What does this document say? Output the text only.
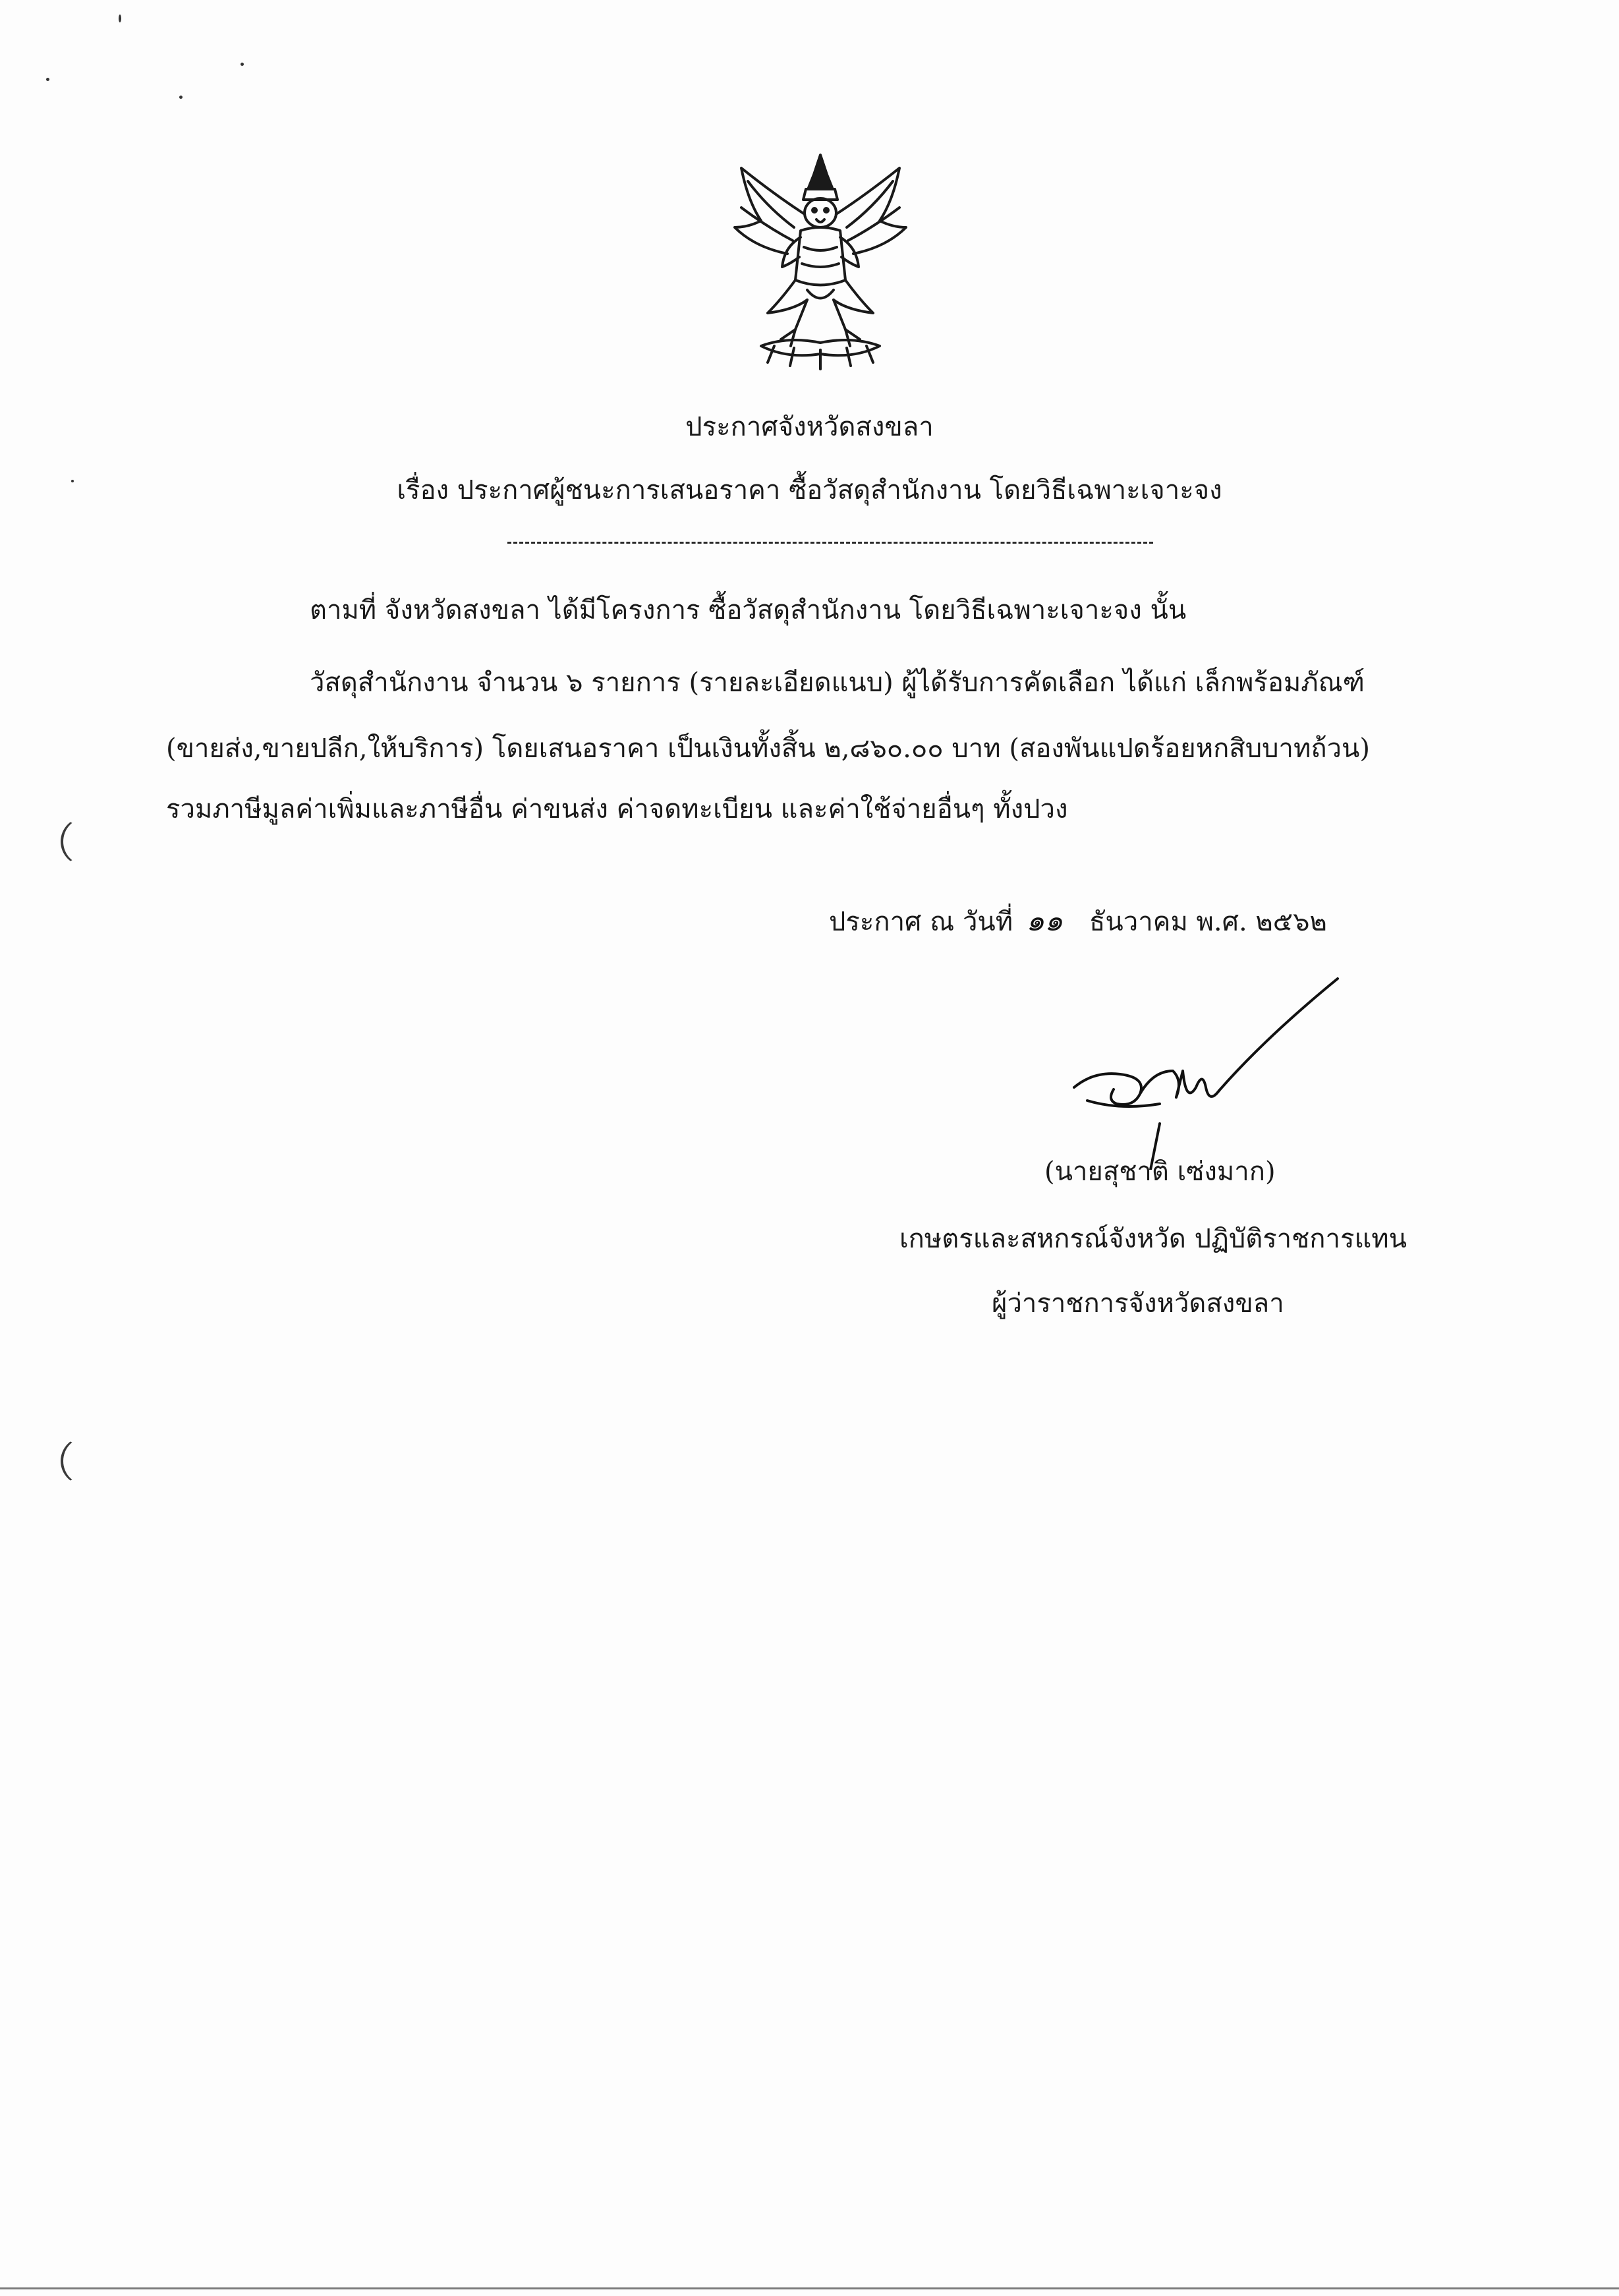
ประกาศจังหวัดสงขลา
เรื่อง ประกาศผู้ชนะการเสนอราคา ซื้อวัสดุสำนักงาน โดยวิธีเฉพาะเจาะจง
ตามที่ จังหวัดสงขลา ได้มีโครงการ ซื้อวัสดุสำนักงาน โดยวิธีเฉพาะเจาะจง นั้น
วัสดุสำนักงาน จำนวน ๖ รายการ (รายละเอียดแนบ) ผู้ได้รับการคัดเลือก ได้แก่ เล็กพร้อมภัณฑ์
(ขายส่ง,ขายปลีก,ให้บริการ) โดยเสนอราคา เป็นเงินทั้งสิ้น ๒,๘๖๐.๐๐ บาท (สองพันแปดร้อยหกสิบบาทถ้วน)
รวมภาษีมูลค่าเพิ่มและภาษีอื่น ค่าขนส่ง ค่าจดทะเบียน และค่าใช้จ่ายอื่นๆ ทั้งปวง
ประกาศ ณ วันที่ ๑๑ ธันวาคม พ.ศ. ๒๕๖๒
(นายสุชาติ เซ่งมาก)
เกษตรและสหกรณ์จังหวัด ปฏิบัติราชการแทน
ผู้ว่าราชการจังหวัดสงขลา
